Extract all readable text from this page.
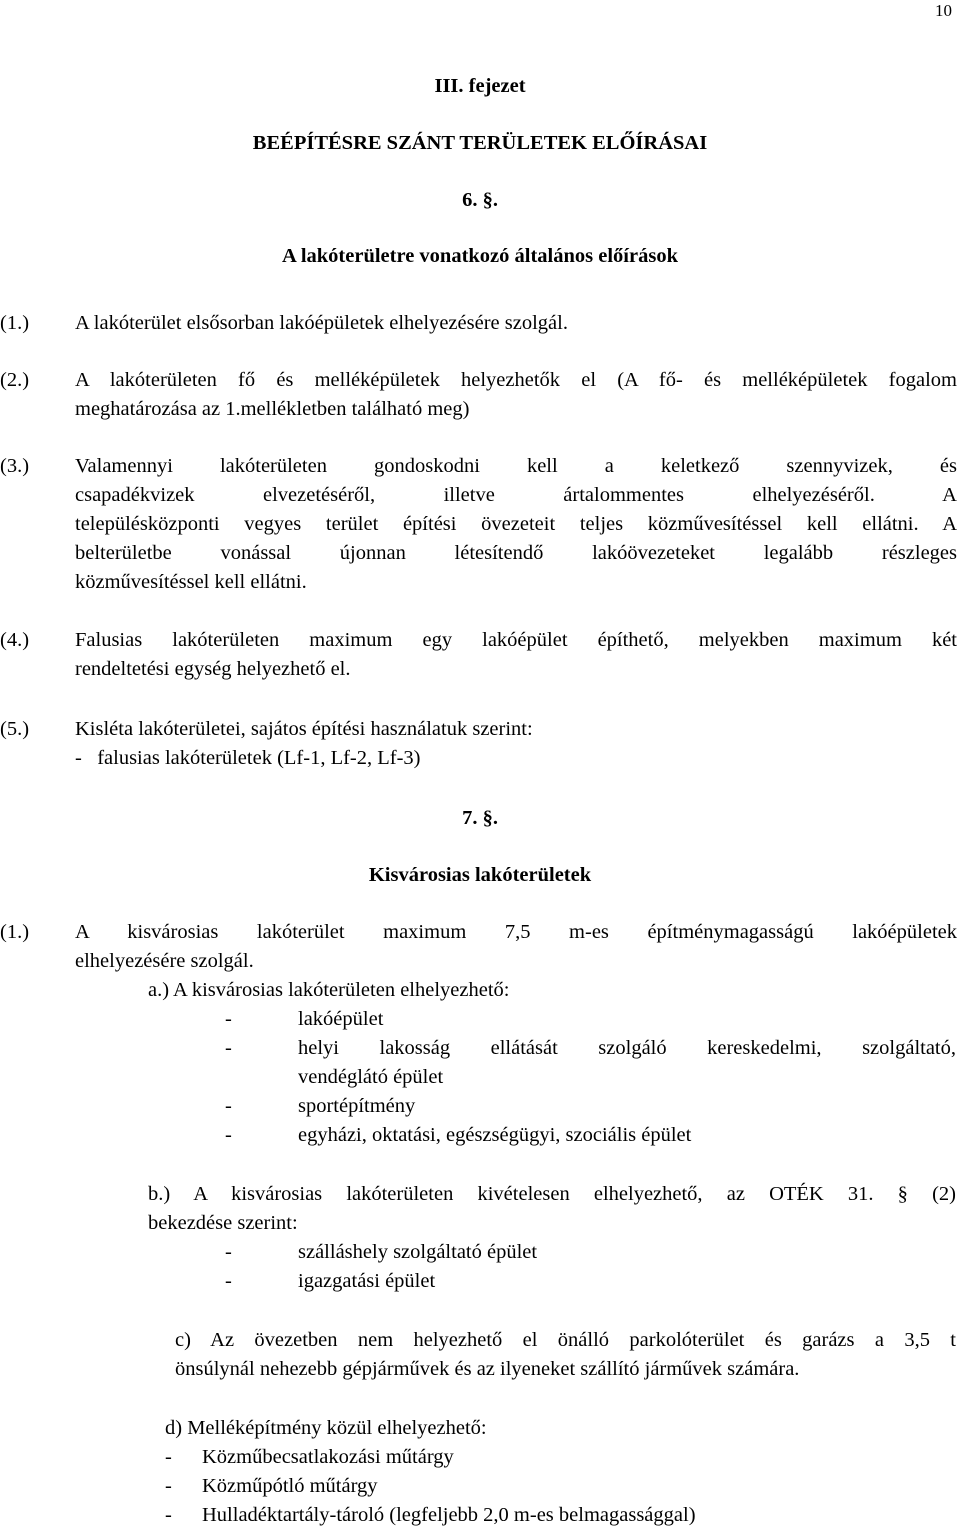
10
III. fejezet
BEÉPÍTÉSRE SZÁNT TERÜLETEK ELŐÍRÁSAI
6. §.
A lakóterületre vonatkozó általános előírások
(1.) A lakóterület elsősorban lakóépületek elhelyezésére szolgál.
(2.) A lakóterületen fő és melléképületek helyezhetők el (A fő- és melléképületek fogalom
meghatározása az 1.mellékletben található meg)
(3.) Valamennyi lakóterületen gondoskodni kell a keletkező szennyvizek, és
csapadékvizek elvezetéséről, illetve ártalommentes elhelyezéséről. A
településközponti vegyes terület építési övezeteit teljes közművesítéssel kell ellátni. A
belterületbe vonással újonnan létesítendő lakóövezeteket legalább részleges
közművesítéssel kell ellátni.
(4.) Falusias lakóterületen maximum egy lakóépület építhető, melyekben maximum két
rendeltetési egység helyezhető el.
(5.) Kisléta lakóterületei, sajátos építési használatuk szerint:
-   falusias lakóterületek (Lf-1, Lf-2, Lf-3)
7. §.
Kisvárosias lakóterületek
(1.) A kisvárosias lakóterület maximum 7,5 m-es építménymagasságú lakóépületek
elhelyezésére szolgál.
a.) A kisvárosias lakóterületen elhelyezhető:
-	lakóépület
-	helyi lakosság ellátását szolgáló kereskedelmi, szolgáltató,
vendéglátó épület
-	sportépítmény
-	egyházi, oktatási, egészségügyi, szociális épület
b.) A kisvárosias lakóterületen kivételesen elhelyezhető, az OTÉK 31. § (2)
bekezdése szerint:
-	szálláshely szolgáltató épület
-	igazgatási épület
c) Az övezetben nem helyezhető el önálló parkolóterület és garázs a 3,5 t
önsúlynál nehezebb gépjárművek és az ilyeneket szállító járművek számára.
d) Melléképítmény közül elhelyezhető:
- Közműbecsatlakozási műtárgy
- Közműpótló műtárgy
- Hulladéktartály-tároló (legfeljebb 2,0 m-es belmagassággal)
